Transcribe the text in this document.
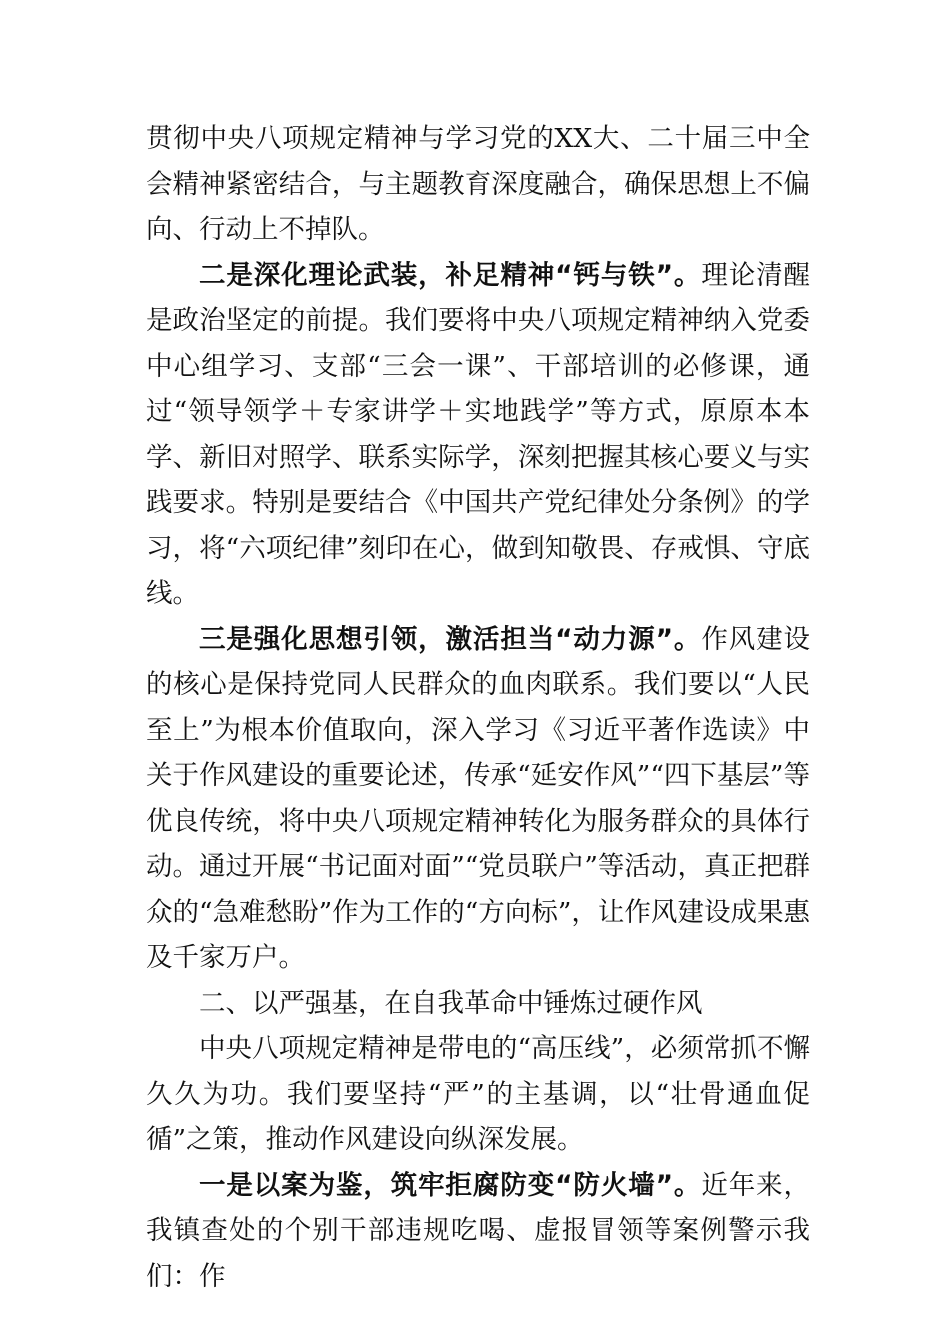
贯彻中央八项规定精神与学习党的XX大、二十届三中全会精神紧密结合，与主题教育深度融合，确保思想上不偏向、行动上不掉队。

二是深化理论武装，补足精神“钙与铁”。理论清醒是政治坚定的前提。我们要将中央八项规定精神纳入党委中心组学习、支部“三会一课”、干部培训的必修课，通过“领导领学＋专家讲学＋实地践学”等方式，原原本本学、新旧对照学、联系实际学，深刻把握其核心要义与实践要求。特别是要结合《中国共产党纪律处分条例》的学习，将“六项纪律”刻印在心，做到知敬畏、存戒惧、守底线。

三是强化思想引领，激活担当“动力源”。作风建设的核心是保持党同人民群众的血肉联系。我们要以“人民至上”为根本价值取向，深入学习《习近平著作选读》中关于作风建设的重要论述，传承“延安作风”“四下基层”等优良传统，将中央八项规定精神转化为服务群众的具体行动。通过开展“书记面对面”“党员联户”等活动，真正把群众的“急难愁盼”作为工作的“方向标”，让作风建设成果惠及千家万户。

二、以严强基，在自我革命中锤炼过硬作风

中央八项规定精神是带电的“高压线”，必须常抓不懈久久为功。我们要坚持“严”的主基调，以“壮骨通血促循”之策，推动作风建设向纵深发展。

一是以案为鉴，筑牢拒腐防变“防火墙”。近年来，我镇查处的个别干部违规吃喝、虚报冒领等案例警示我们：作
